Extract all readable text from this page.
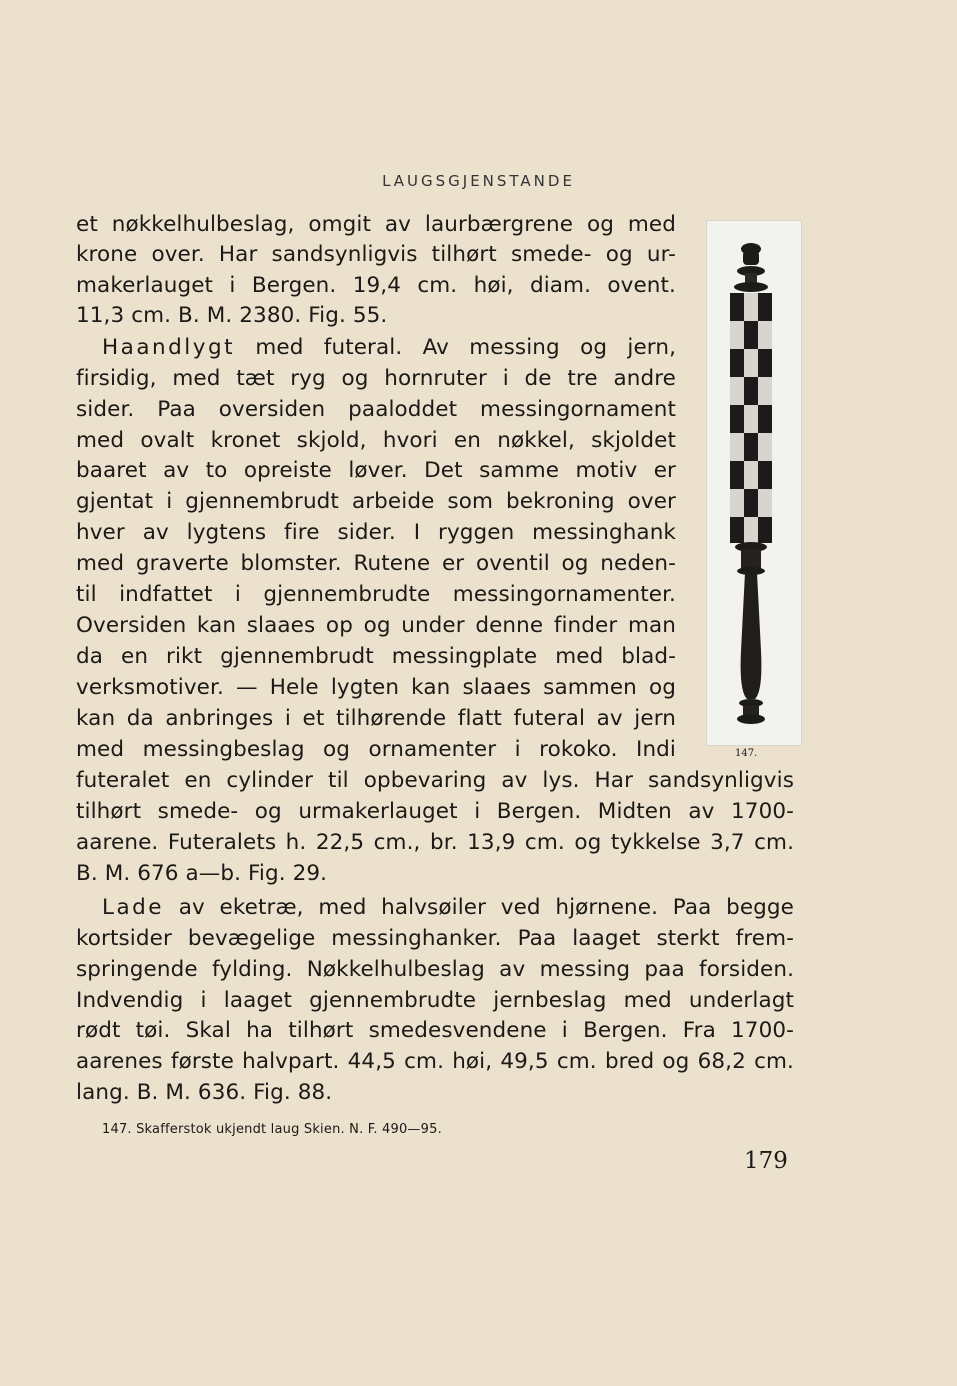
LAUGSGJENSTANDE

et nøkkelhulbeslag, omgit av laurbærgrene og med

krone over. Har sandsynligvis tilhørt smede- og ur-

makerlauget i Bergen. 19,4 cm. høi, diam. ovent.

11,3 cm. B. M. 2380. Fig. 55.

Haandlygt med futeral. Av messing og jern,

firsidig, med tæt ryg og hornruter i de tre andre

sider. Paa oversiden paaloddet messingornament

med ovalt kronet skjold, hvori en nøkkel, skjoldet

baaret av to opreiste løver. Det samme motiv er

gjentat i gjennembrudt arbeide som bekroning over

hver av lygtens fire sider. I ryggen messinghank

med graverte blomster. Rutene er oventil og neden-

til indfattet i gjennembrudte messingornamenter.

Oversiden kan slaaes op og under denne finder man

da en rikt gjennembrudt messingplate med blad-

verksmotiver. — Hele lygten kan slaaes sammen og

kan da anbringes i et tilhørende flatt futeral av jern

med messingbeslag og ornamenter i rokoko. Indi

futeralet en cylinder til opbevaring av lys. Har sandsynligvis

tilhørt smede- og urmakerlauget i Bergen. Midten av 1700-

aarene. Futeralets h. 22,5 cm., br. 13,9 cm. og tykkelse 3,7 cm.

B. M. 676 a—b. Fig. 29.

Lade av eketræ, med halvsøiler ved hjørnene. Paa begge

kortsider bevægelige messinghanker. Paa laaget sterkt frem-

springende fylding. Nøkkelhulbeslag av messing paa forsiden.

Indvendig i laaget gjennembrudte jernbeslag med underlagt

rødt tøi. Skal ha tilhørt smedesvendene i Bergen. Fra 1700-

aarenes første halvpart. 44,5 cm. høi, 49,5 cm. bred og 68,2 cm.

lang. B. M. 636. Fig. 88.

147.
147. Skafferstok ukjendt laug Skien. N. F. 490—95.
179
